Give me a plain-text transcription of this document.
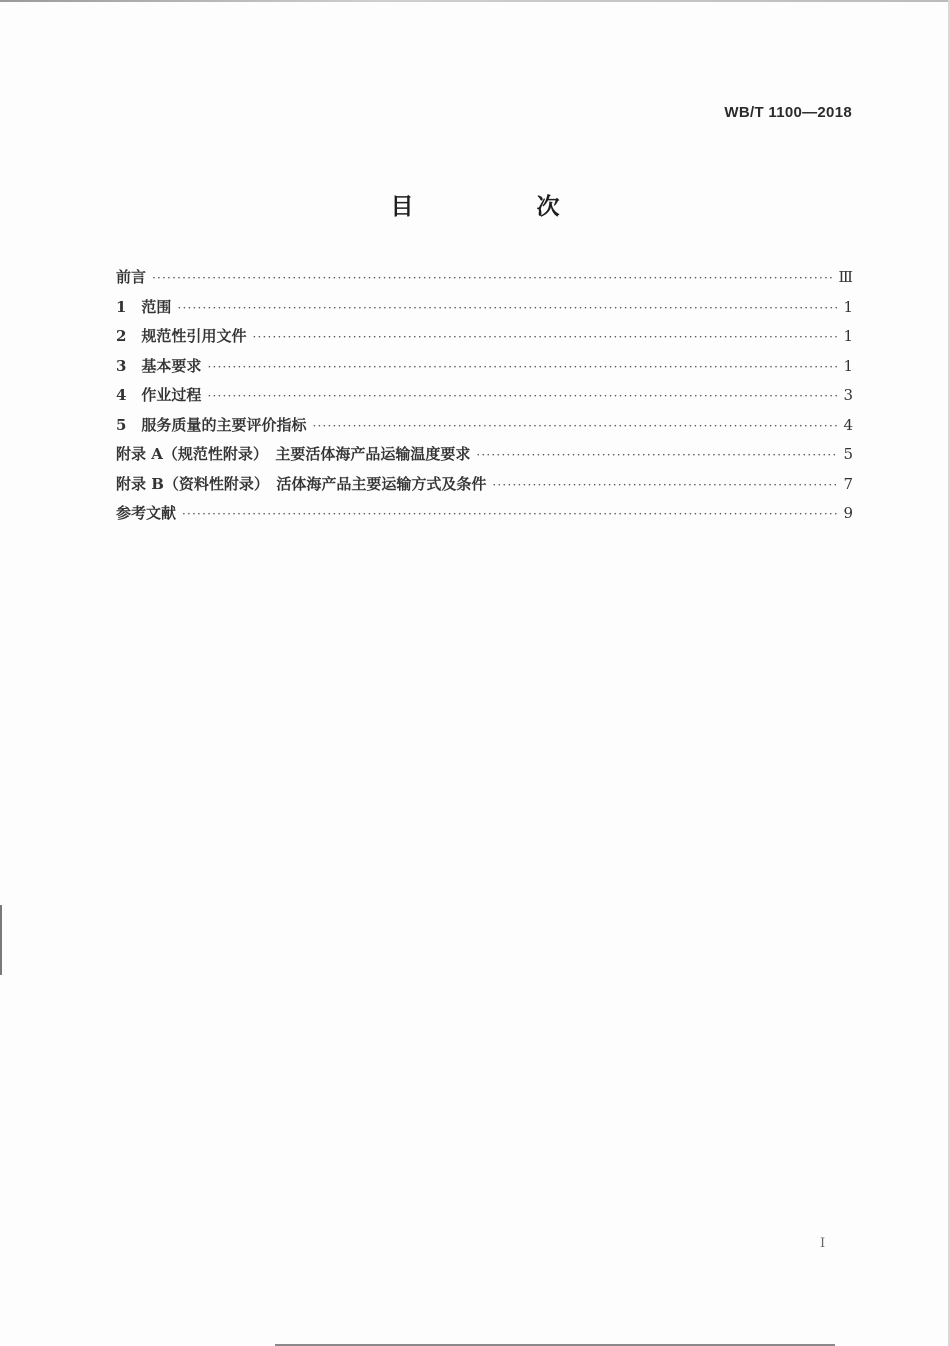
WB/T 1100—2018
目　次
前言 ·····	Ⅲ
1　范围 ·····	1
2　规范性引用文件 ·····	1
3　基本要求 ·····	1
4　作业过程 ·····	3
5　服务质量的主要评价指标 ·····	4
附录 A（规范性附录）　主要活体海产品运输温度要求 ·····	5
附录 B（资料性附录）　活体海产品主要运输方式及条件 ·····	7
参考文献 ·····	9
I
